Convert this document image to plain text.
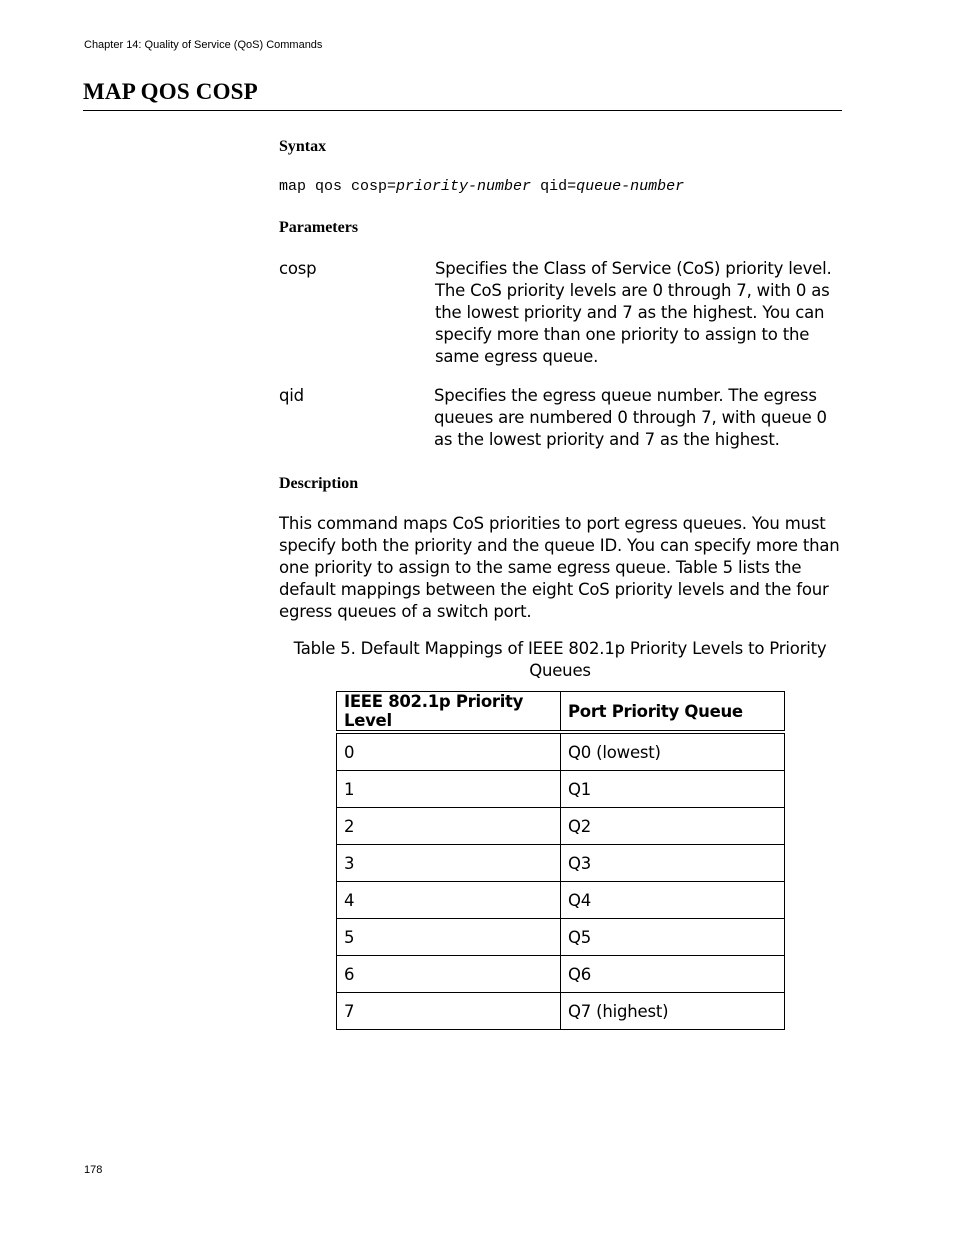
Chapter 14: Quality of Service (QoS) Commands
MAP QOS COSP
Syntax
map qos cosp=priority-number qid=queue-number
Parameters
cosp	Specifies the Class of Service (CoS) priority level. The CoS priority levels are 0 through 7, with 0 as the lowest priority and 7 as the highest. You can specify more than one priority to assign to the same egress queue.
qid	Specifies the egress queue number. The egress queues are numbered 0 through 7, with queue 0 as the lowest priority and 7 as the highest.
Description
This command maps CoS priorities to port egress queues. You must specify both the priority and the queue ID. You can specify more than one priority to assign to the same egress queue. Table 5 lists the default mappings between the eight CoS priority levels and the four egress queues of a switch port.
Table 5. Default Mappings of IEEE 802.1p Priority Levels to Priority Queues
IEEE 802.1p Priority Level	Port Priority Queue
0	Q0 (lowest)
1	Q1
2	Q2
3	Q3
4	Q4
5	Q5
6	Q6
7	Q7 (highest)
178
